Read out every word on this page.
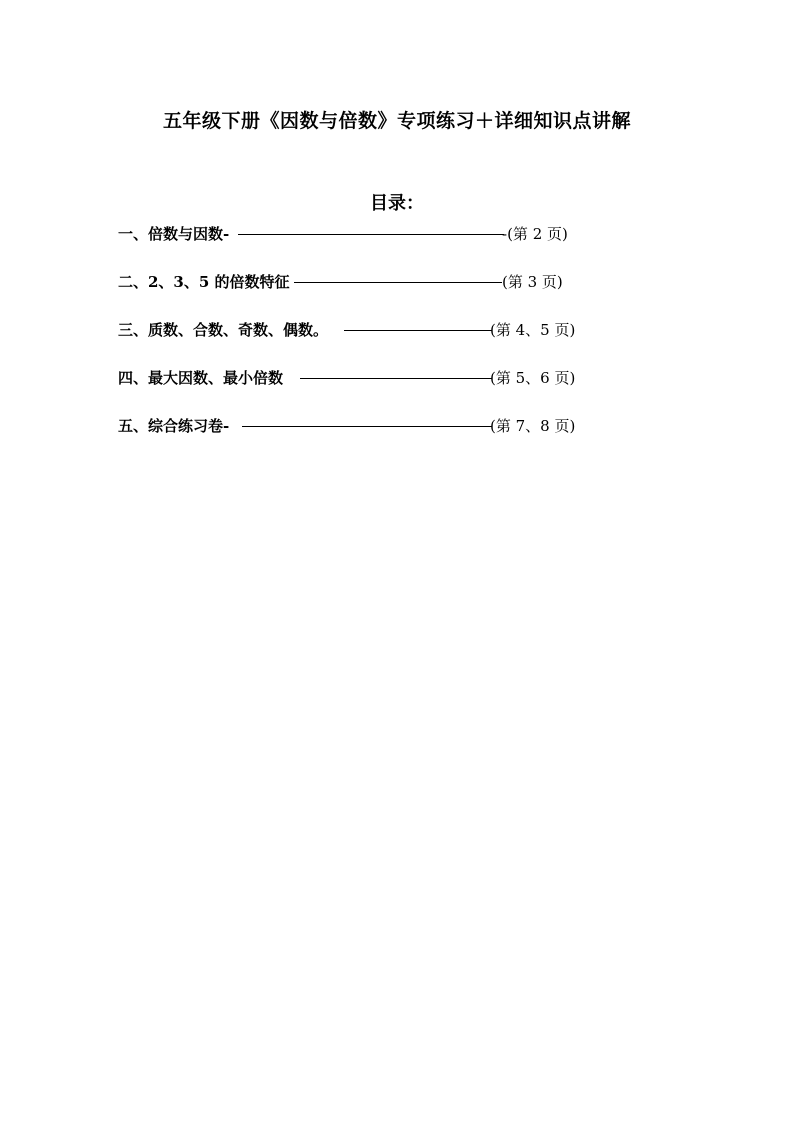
五年级下册《因数与倍数》专项练习＋详细知识点讲解
目录：
一、倍数与因数-	-(第 2 页)
二、2、3、5 的倍数特征	(第 3 页)
三、质数、合数、奇数、偶数。	(第 4、5 页)
四、最大因数、最小倍数	(第 5、6 页)
五、综合练习卷-	(第 7、8 页)
